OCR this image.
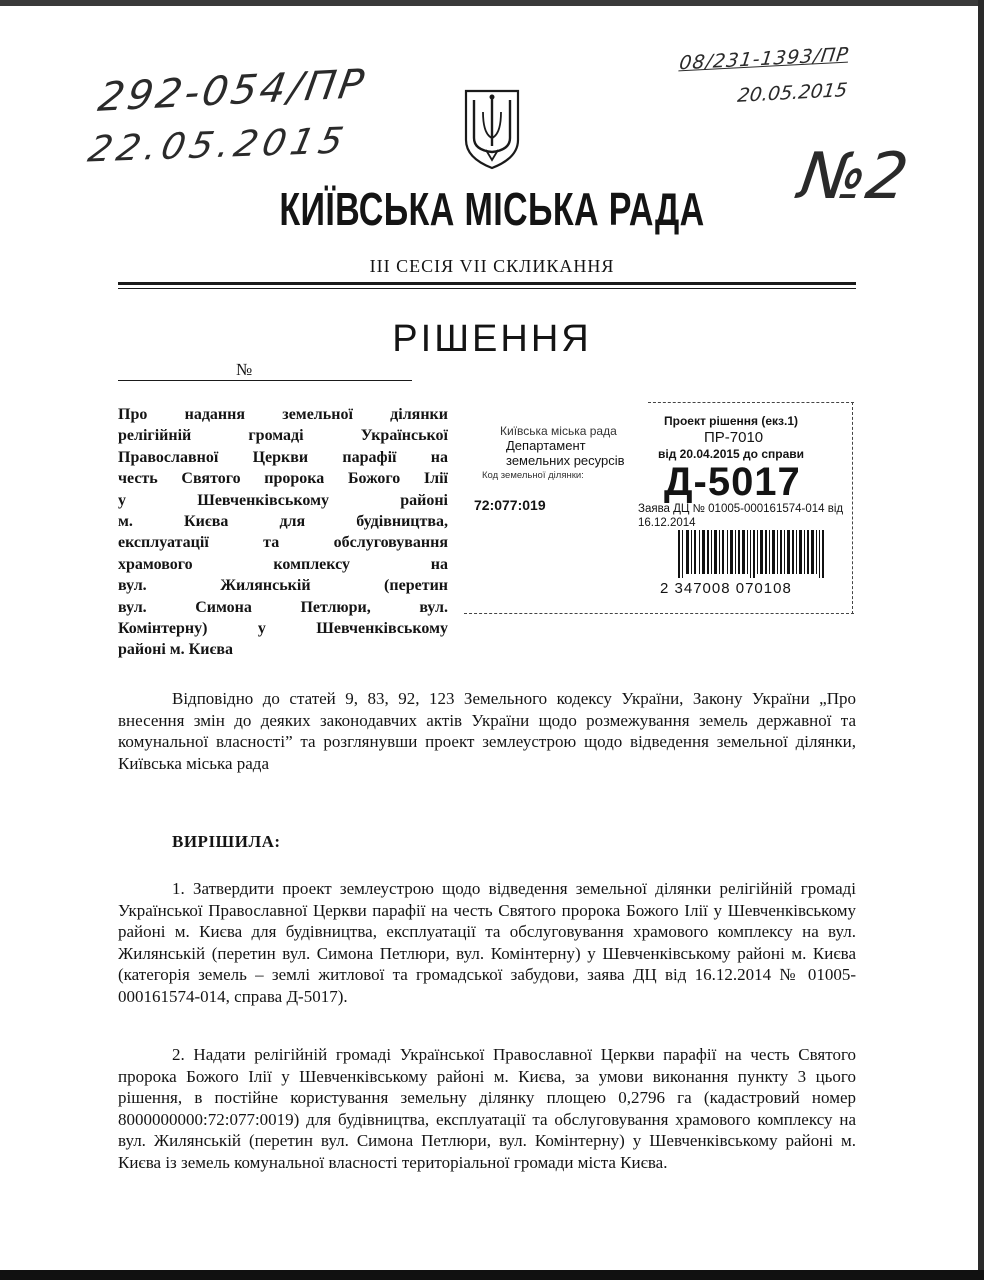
292-054/ПР
22.05.2015
08/231-1393/ПР
20.05.2015
№2
КИЇВСЬКА МІСЬКА РАДА
III СЕСІЯ VII СКЛИКАННЯ
РІШЕННЯ
№
Про надання земельної ділянки
релігійній громаді Української
Православної Церкви парафії на
честь Святого пророка Божого Ілії
у Шевченківському районі
м. Києва для будівництва,
експлуатації та обслуговування
храмового комплексу на
вул. Жилянській (перетин
вул. Симона Петлюри, вул.
Комінтерну) у Шевченківському
районі м. Києва
Київська міська рада
Департамент земельних ресурсів
Код земельної ділянки:
72:077:019
Проект рішення (екз.1)
ПР-7010
від 20.04.2015 до справи
Д-5017
Заява ДЦ № 01005-000161574-014 від 16.12.2014
2 347008 070108
Відповідно до статей 9, 83, 92, 123 Земельного кодексу України, Закону України „Про внесення змін до деяких законодавчих актів України щодо розмежування земель державної та комунальної власності” та розглянувши проект землеустрою щодо відведення земельної ділянки, Київська міська рада
ВИРІШИЛА:
1. Затвердити проект землеустрою щодо відведення земельної ділянки релігійній громаді Української Православної Церкви парафії на честь Святого пророка Божого Ілії у Шевченківському районі м. Києва для будівництва, експлуатації та обслуговування храмового комплексу на вул. Жилянській (перетин вул. Симона Петлюри, вул. Комінтерну) у Шевченківському районі м. Києва (категорія земель – землі житлової та громадської забудови, заява ДЦ від 16.12.2014 № 01005-000161574-014, справа Д-5017).
2. Надати релігійній громаді Української Православної Церкви парафії на честь Святого пророка Божого Ілії у Шевченківському районі м. Києва, за умови виконання пункту 3 цього рішення, в постійне користування земельну ділянку площею 0,2796 га (кадастровий номер 8000000000:72:077:0019) для будівництва, експлуатації та обслуговування храмового комплексу на вул. Жилянській (перетин вул. Симона Петлюри, вул. Комінтерну) у Шевченківському районі м. Києва із земель комунальної власності територіальної громади міста Києва.
